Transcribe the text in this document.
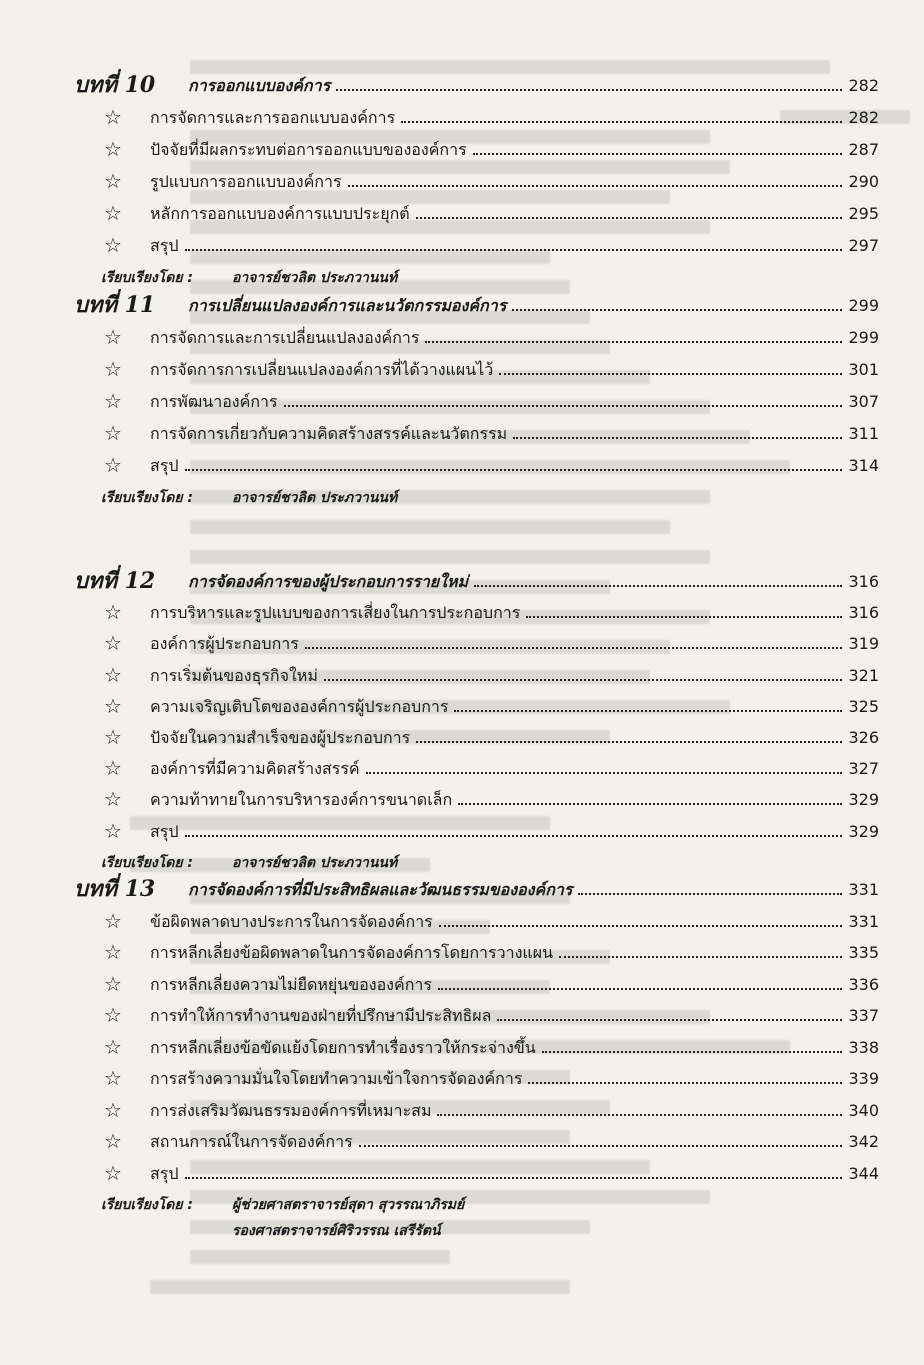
บทที่ 10 การออกแบบองค์การ	282
☆ การจัดการและการออกแบบองค์การ	282
☆ ปัจจัยที่มีผลกระทบต่อการออกแบบขององค์การ	287
☆ รูปแบบการออกแบบองค์การ	290
☆ หลักการออกแบบองค์การแบบประยุกต์	295
☆ สรุป	297
เรียบเรียงโดย :	อาจารย์ชวลิต ประภวานนท์
บทที่ 11 การเปลี่ยนแปลงองค์การและนวัตกรรมองค์การ	299
☆ การจัดการและการเปลี่ยนแปลงองค์การ	299
☆ การจัดการการเปลี่ยนแปลงองค์การที่ได้วางแผนไว้	301
☆ การพัฒนาองค์การ	307
☆ การจัดการเกี่ยวกับความคิดสร้างสรรค์และนวัตกรรม	311
☆ สรุป	314
เรียบเรียงโดย :	อาจารย์ชวลิต ประภวานนท์
บทที่ 12 การจัดองค์การของผู้ประกอบการรายใหม่	316
☆ การบริหารและรูปแบบของการเสี่ยงในการประกอบการ	316
☆ องค์การผู้ประกอบการ	319
☆ การเริ่มต้นของธุรกิจใหม่	321
☆ ความเจริญเติบโตขององค์การผู้ประกอบการ	325
☆ ปัจจัยในความสำเร็จของผู้ประกอบการ	326
☆ องค์การที่มีความคิดสร้างสรรค์	327
☆ ความท้าทายในการบริหารองค์การขนาดเล็ก	329
☆ สรุป	329
เรียบเรียงโดย :	อาจารย์ชวลิต ประภวานนท์
บทที่ 13 การจัดองค์การที่มีประสิทธิผลและวัฒนธรรมขององค์การ	331
☆ ข้อผิดพลาดบางประการในการจัดองค์การ	331
☆ การหลีกเลี่ยงข้อผิดพลาดในการจัดองค์การโดยการวางแผน	335
☆ การหลีกเลี่ยงความไม่ยืดหยุ่นขององค์การ	336
☆ การทำให้การทำงานของฝ่ายที่ปรึกษามีประสิทธิผล	337
☆ การหลีกเลี่ยงข้อขัดแย้งโดยการทำเรื่องราวให้กระจ่างขึ้น	338
☆ การสร้างความมั่นใจโดยทำความเข้าใจการจัดองค์การ	339
☆ การส่งเสริมวัฒนธรรมองค์การที่เหมาะสม	340
☆ สถานการณ์ในการจัดองค์การ	342
☆ สรุป	344
เรียบเรียงโดย :	ผู้ช่วยศาสตราจารย์สุดา สุวรรณาภิรมย์
รองศาสตราจารย์ศิริวรรณ เสรีรัตน์
